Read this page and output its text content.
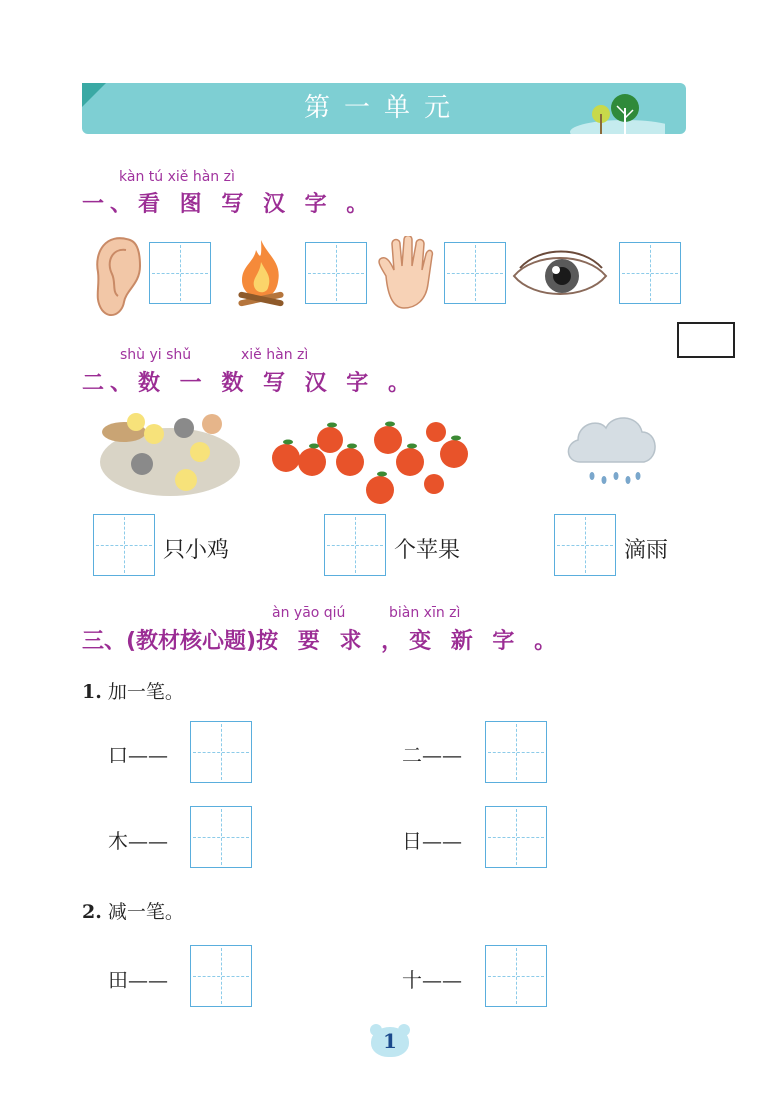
第一单元
kàn tú xiě hàn zì
一、看 图 写 汉 字 。
shù yi shǔ	xiě hàn zì
二、数 一 数 写 汉 字 。
只小鸡	个苹果	滴雨
àn yāo qiú	biàn xīn zì
三、(教材核心题)按 要 求 ，变 新 字 。
1. 加一笔。
口——	二——
木——	日——
2. 减一笔。
田——	十——
1
